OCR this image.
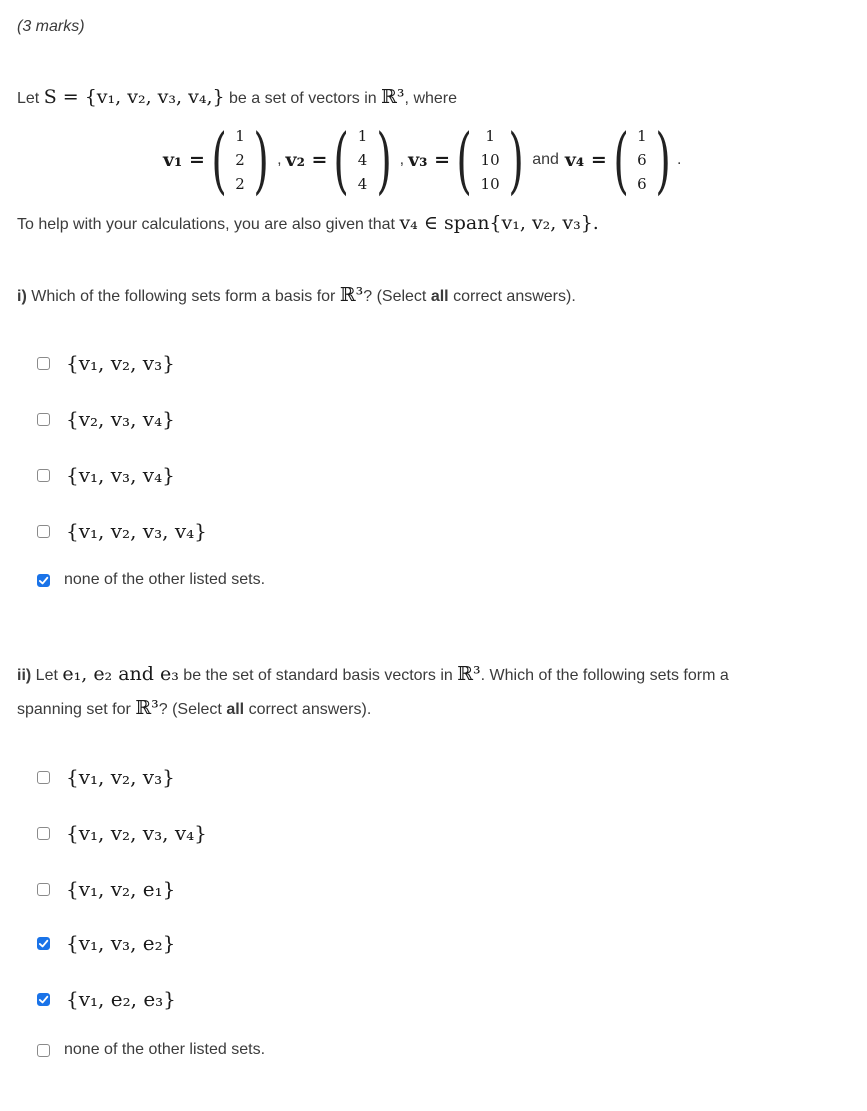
(3 marks)
Let S = {v₁, v₂, v₃, v₄,} be a set of vectors in ℝ³, where
v₁ = ( 1
2
2 ) , v₂ = ( 1
4
4 ) , v₃ = ( 1
10
10 ) and v₄ = ( 1
6
6 ) .
To help with your calculations, you are also given that v₄ ∈ span{v₁, v₂, v₃}.
i) Which of the following sets form a basis for ℝ³? (Select all correct answers).
{v₁, v₂, v₃}
{v₂, v₃, v₄}
{v₁, v₃, v₄}
{v₁, v₂, v₃, v₄}
none of the other listed sets.
ii) Let e₁, e₂ and e₃ be the set of standard basis vectors in ℝ³. Which of the following sets form a
spanning set for ℝ³? (Select all correct answers).
{v₁, v₂, v₃}
{v₁, v₂, v₃, v₄}
{v₁, v₂, e₁}
{v₁, v₃, e₂}
{v₁, e₂, e₃}
none of the other listed sets.
